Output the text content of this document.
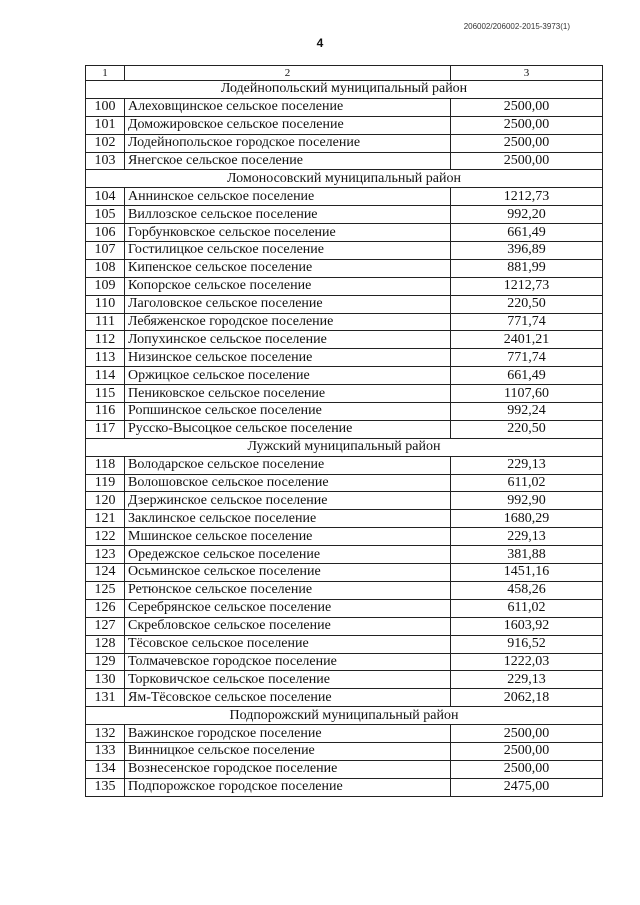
206002/206002-2015-3973(1)
4
1	2	3
Лодейнопольский муниципальный район		
100	Алеховщинское сельское поселение	2500,00
101	Доможировское сельское поселение	2500,00
102	Лодейнопольское городское поселение	2500,00
103	Янегское сельское поселение	2500,00
Ломоносовский муниципальный район		
104	Аннинское сельское поселение	1212,73
105	Виллозское сельское поселение	992,20
106	Горбунковское сельское поселение	661,49
107	Гостилицкое сельское поселение	396,89
108	Кипенское сельское поселение	881,99
109	Копорское сельское поселение	1212,73
110	Лаголовское сельское поселение	220,50
111	Лебяженское городское поселение	771,74
112	Лопухинское сельское поселение	2401,21
113	Низинское сельское поселение	771,74
114	Оржицкое сельское поселение	661,49
115	Пениковское сельское поселение	1107,60
116	Ропшинское сельское поселение	992,24
117	Русско-Высоцкое сельское поселение	220,50
Лужский муниципальный район		
118	Володарское сельское поселение	229,13
119	Волошовское сельское поселение	611,02
120	Дзержинское сельское поселение	992,90
121	Заклинское сельское поселение	1680,29
122	Мшинское сельское поселение	229,13
123	Оредежское сельское поселение	381,88
124	Осьминское сельское поселение	1451,16
125	Ретюнское сельское поселение	458,26
126	Серебрянское сельское поселение	611,02
127	Скребловское сельское поселение	1603,92
128	Тёсовское сельское поселение	916,52
129	Толмачевское городское поселение	1222,03
130	Торковичское сельское поселение	229,13
131	Ям-Тёсовское сельское поселение	2062,18
Подпорожский муниципальный район		
132	Важинское городское поселение	2500,00
133	Винницкое сельское поселение	2500,00
134	Вознесенское городское поселение	2500,00
135	Подпорожское городское поселение	2475,00
